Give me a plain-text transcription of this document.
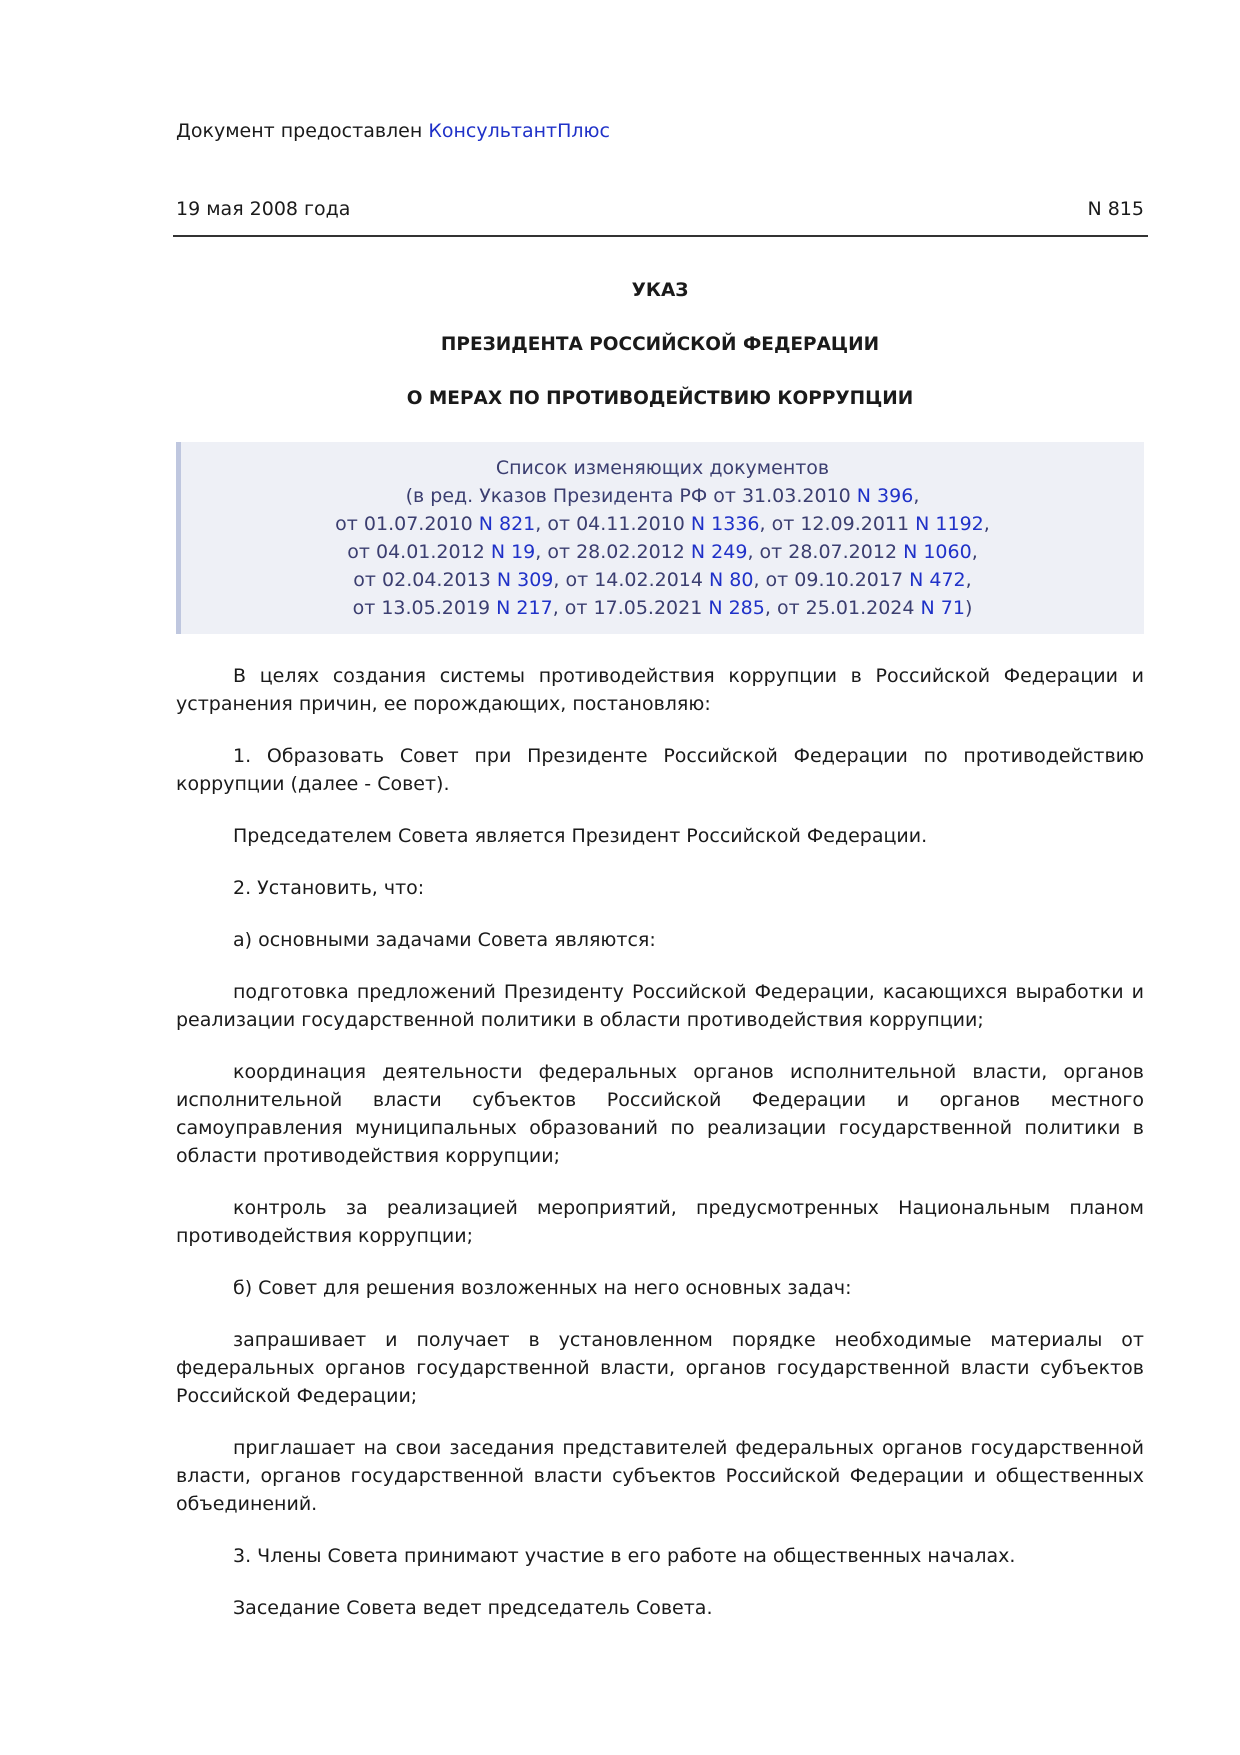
Документ предоставлен КонсультантПлюс
19 мая 2008 года	N 815
УКАЗ
ПРЕЗИДЕНТА РОССИЙСКОЙ ФЕДЕРАЦИИ
О МЕРАХ ПО ПРОТИВОДЕЙСТВИЮ КОРРУПЦИИ
Список изменяющих документов
(в ред. Указов Президента РФ от 31.03.2010 N 396,
от 01.07.2010 N 821, от 04.11.2010 N 1336, от 12.09.2011 N 1192,
от 04.01.2012 N 19, от 28.02.2012 N 249, от 28.07.2012 N 1060,
от 02.04.2013 N 309, от 14.02.2014 N 80, от 09.10.2017 N 472,
от 13.05.2019 N 217, от 17.05.2021 N 285, от 25.01.2024 N 71)

В целях создания системы противодействия коррупции в Российской Федерации и устранения причин, ее порождающих, постановляю:

1. Образовать Совет при Президенте Российской Федерации по противодействию коррупции (далее - Совет).

Председателем Совета является Президент Российской Федерации.

2. Установить, что:

а) основными задачами Совета являются:

подготовка предложений Президенту Российской Федерации, касающихся выработки и реализации государственной политики в области противодействия коррупции;

координация деятельности федеральных органов исполнительной власти, органов исполнительной власти субъектов Российской Федерации и органов местного самоуправления муниципальных образований по реализации государственной политики в области противодействия коррупции;

контроль за реализацией мероприятий, предусмотренных Национальным планом противодействия коррупции;

б) Совет для решения возложенных на него основных задач:

запрашивает и получает в установленном порядке необходимые материалы от федеральных органов государственной власти, органов государственной власти субъектов Российской Федерации;

приглашает на свои заседания представителей федеральных органов государственной власти, органов государственной власти субъектов Российской Федерации и общественных объединений.

3. Члены Совета принимают участие в его работе на общественных началах.

Заседание Совета ведет председатель Совета.
